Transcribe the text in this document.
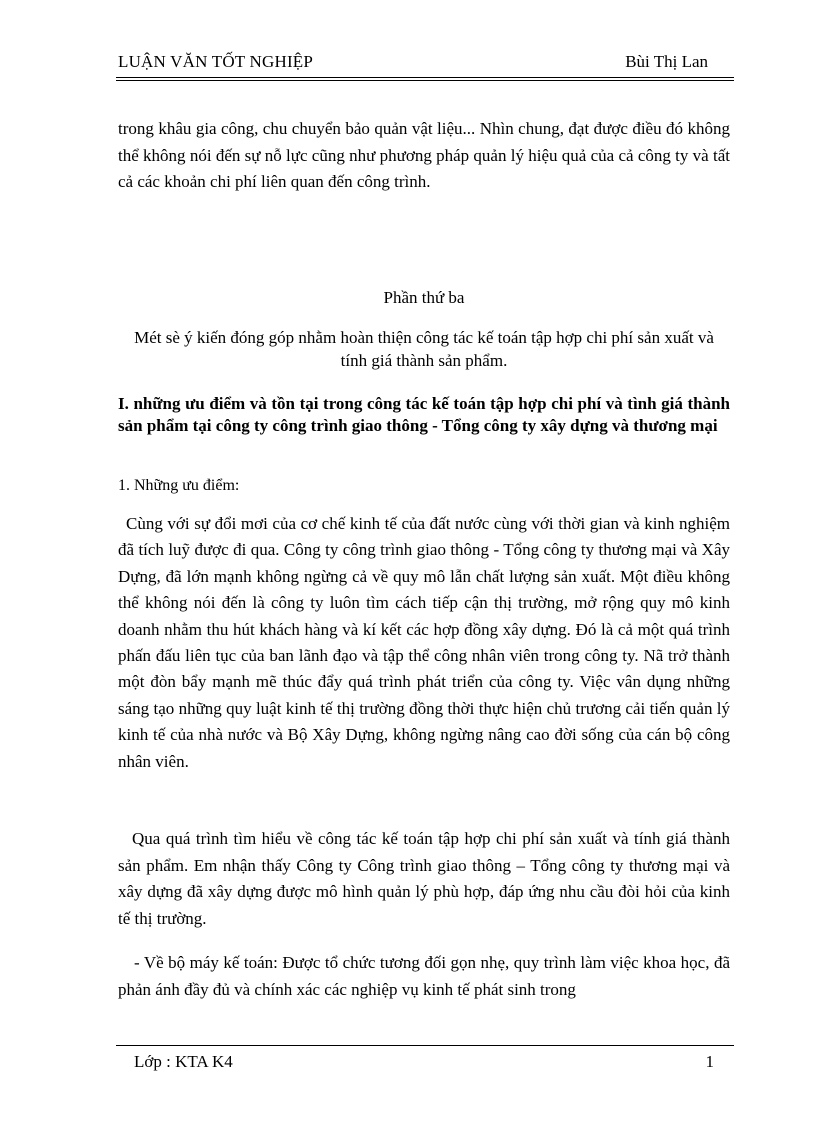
LUẬN VĂN TỐT NGHIỆP	Bùi Thị Lan
trong khâu gia công, chu chuyển bảo quản vật liệu... Nhìn chung, đạt được điều đó không thể không nói đến sự nỗ lực cũng như phương pháp quản lý hiệu quả của cả công ty và tất cả các khoản chi phí liên quan đến công trình.
Phần thứ ba
Mét sè ý kiến đóng góp nhằm hoàn thiện công tác kế toán tập hợp chi phí sản xuất và tính giá thành sản phẩm.
I. những ưu điểm và tồn tại trong công tác kế toán tập hợp chi phí và tình giá thành sản phẩm tại công ty công trình giao thông - Tổng công ty xây dựng và thương mại
1. Những ưu điểm:
Cùng với sự đổi mơi của cơ chế kinh tế của đất nước cùng với thời gian và kinh nghiệm đã tích luỹ được đi qua. Công ty công trình giao thông - Tổng công ty thương mại và Xây Dựng, đã lớn mạnh không ngừng cả về quy mô lẫn chất lượng sản xuất. Một điều không thể không nói đến là công ty luôn tìm cách tiếp cận thị trường, mở rộng quy mô kinh doanh nhằm thu hút khách hàng và kí kết các hợp đồng xây dựng. Đó là cả một quá trình phấn đấu liên tục của ban lãnh đạo và tập thể công nhân viên trong công ty. Nã trở thành một đòn bẩy mạnh mẽ thúc đẩy quá trình phát triển của công ty. Việc vân dụng những sáng tạo những quy luật kinh tế thị trường đồng thời thực hiện chủ trương cải tiến quản lý kinh tế của nhà nước và Bộ Xây Dựng, không ngừng nâng cao đời sống của cán bộ công nhân viên.
Qua quá trình tìm hiểu về công tác kế toán tập hợp chi phí sản xuất và tính giá thành sản phẩm. Em nhận thấy Công ty Công trình giao thông – Tổng công ty thương mại và xây dựng đã xây dựng được mô hình quản lý phù hợp, đáp ứng nhu cầu đòi hỏi của kinh tế thị trường.
- Về bộ máy kế toán: Được tổ chức tương đối gọn nhẹ, quy trình làm việc khoa học, đã phản ánh đầy đủ và chính xác các nghiệp vụ kinh tế phát sinh trong
Lớp : KTA K4	1
